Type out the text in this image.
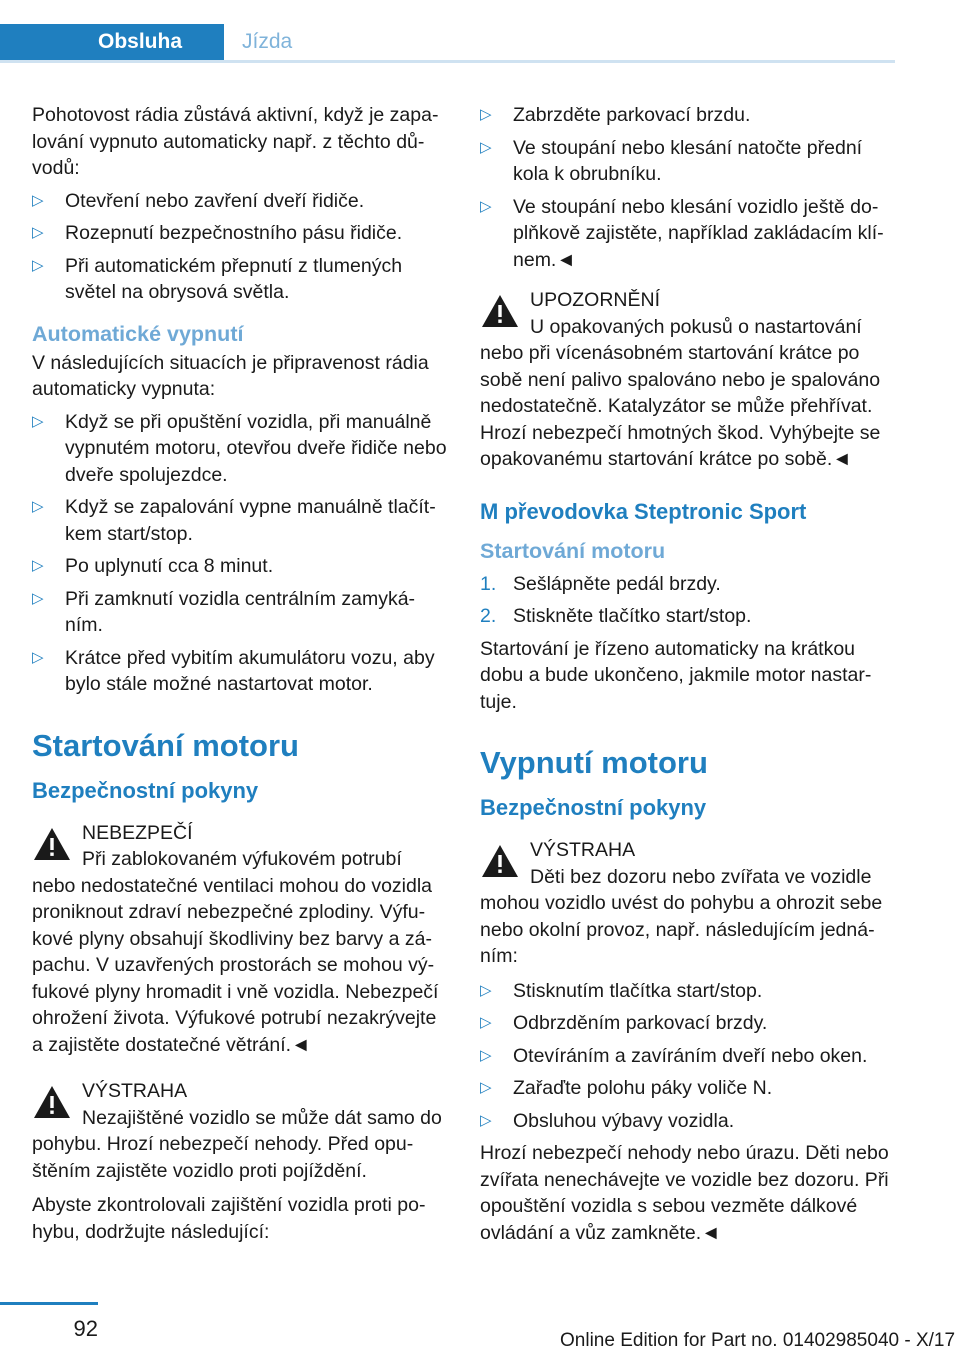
Obsluha	Jízda

Pohotovost rádia zůstává aktivní, když je zapa‐lování vypnuto automaticky např. z těchto dů‐vodů:

▷ Otevření nebo zavření dveří řidiče.
▷ Rozepnutí bezpečnostního pásu řidiče.
▷ Při automatickém přepnutí z tlumených světel na obrysová světla.
Automatické vypnutí

V následujících situacích je připravenost rádia automaticky vypnuta:

▷ Když se při opuštění vozidla, při manuálně vypnutém motoru, otevřou dveře řidiče nebo dveře spolujezdce.
▷ Když se zapalování vypne manuálně tlačít‐kem start/stop.
▷ Po uplynutí cca 8 minut.
▷ Při zamknutí vozidla centrálním zamyká‐ním.
▷ Krátce před vybitím akumulátoru vozu, aby bylo stále možné nastartovat motor.
Startování motoru
Bezpečnostní pokyny
NEBEZPEČÍ
Při zablokovaném výfukovém potrubí
nebo nedostatečné ventilaci mohou do vozidla proniknout zdraví nebezpečné zplodiny. Výfu‐kové plyny obsahují škodliviny bez barvy a zá‐pachu. V uzavřených prostorách se mohou vý‐fukové plyny hromadit i vně vozidla. Nebezpečí ohrožení života. Výfukové potrubí nezakrývejte a zajistěte dostatečné větrání.◄
VÝSTRAHA
Nezajištěné vozidlo se může dát samo do
pohybu. Hrozí nebezpečí nehody. Před opu‐štěním zajistěte vozidlo proti pojíždění.

Abyste zkontrolovali zajištění vozidla proti po‐hybu, dodržujte následující:

▷ Zabrzděte parkovací brzdu.
▷ Ve stoupání nebo klesání natočte přední kola k obrubníku.
▷ Ve stoupání nebo klesání vozidlo ještě do‐plňkově zajistěte, například zakládacím klí‐nem.◄
UPOZORNĚNÍ
U opakovaných pokusů o nastartování
nebo při vícenásobném startování krátce po sobě není palivo spalováno nebo je spalováno nedostatečně. Katalyzátor se může přehřívat. Hrozí nebezpečí hmotných škod. Vyhýbejte se opakovanému startování krátce po sobě.◄
M převodovka Steptronic Sport
Startování motoru
1. Sešlápněte pedál brzdy.
2. Stiskněte tlačítko start/stop.

Startování je řízeno automaticky na krátkou dobu a bude ukončeno, jakmile motor nastar‐tuje.

Vypnutí motoru
Bezpečnostní pokyny
VÝSTRAHA
Děti bez dozoru nebo zvířata ve vozidle
mohou vozidlo uvést do pohybu a ohrozit sebe nebo okolní provoz, např. následujícím jedná‐ním:
▷ Stisknutím tlačítka start/stop.
▷ Odbrzděním parkovací brzdy.
▷ Otevíráním a zavíráním dveří nebo oken.
▷ Zařaďte polohu páky voliče N.
▷ Obsluhou výbavy vozidla.

Hrozí nebezpečí nehody nebo úrazu. Děti nebo zvířata nenechávejte ve vozidle bez dozoru. Při opouštění vozidla s sebou vezměte dálkové ovládání a vůz zamkněte.◄

92	Online Edition for Part no. 01402985040 - X/17
